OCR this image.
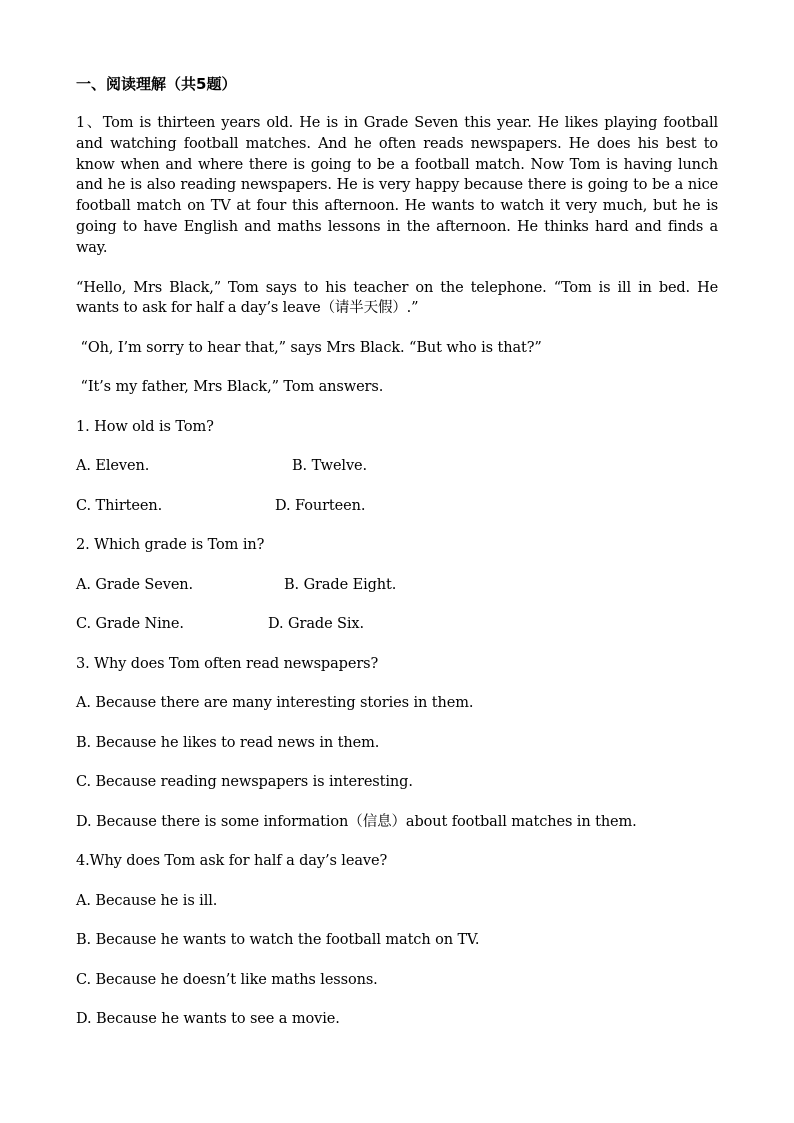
一、阅读理解（共5题）

1、Tom is thirteen years old. He is in Grade Seven this year. He likes playing football and watching football matches. And he often reads newspapers. He does his best to know when and where there is going to be a football match. Now Tom is having lunch and he is also reading newspapers. He is very happy because there is going to be a nice football match on TV at four this afternoon. He wants to watch it very much, but he is going to have English and maths lessons in the afternoon. He thinks hard and finds a way.

“Hello, Mrs Black,” Tom says to his teacher on the telephone. “Tom is ill in bed. He wants to ask for half a day’s leave（请半天假）.”

“Oh, I’m sorry to hear that,” says Mrs Black. “But who is that?”

“It’s my father, Mrs Black,” Tom answers.

1. How old is Tom?

A. Eleven.	B. Twelve.
C. Thirteen.	D. Fourteen.

2. Which grade is Tom in?

A. Grade Seven.	B. Grade Eight.
C. Grade Nine.	D. Grade Six.

3. Why does Tom often read newspapers?

A. Because there are many interesting stories in them.

B. Because he likes to read news in them.

C. Because reading newspapers is interesting.

D. Because there is some information（信息）about football matches in them.

4.Why does Tom ask for half a day’s leave?

A. Because he is ill.

B. Because he wants to watch the football match on TV.

C. Because he doesn’t like maths lessons.

D. Because he wants to see a movie.
